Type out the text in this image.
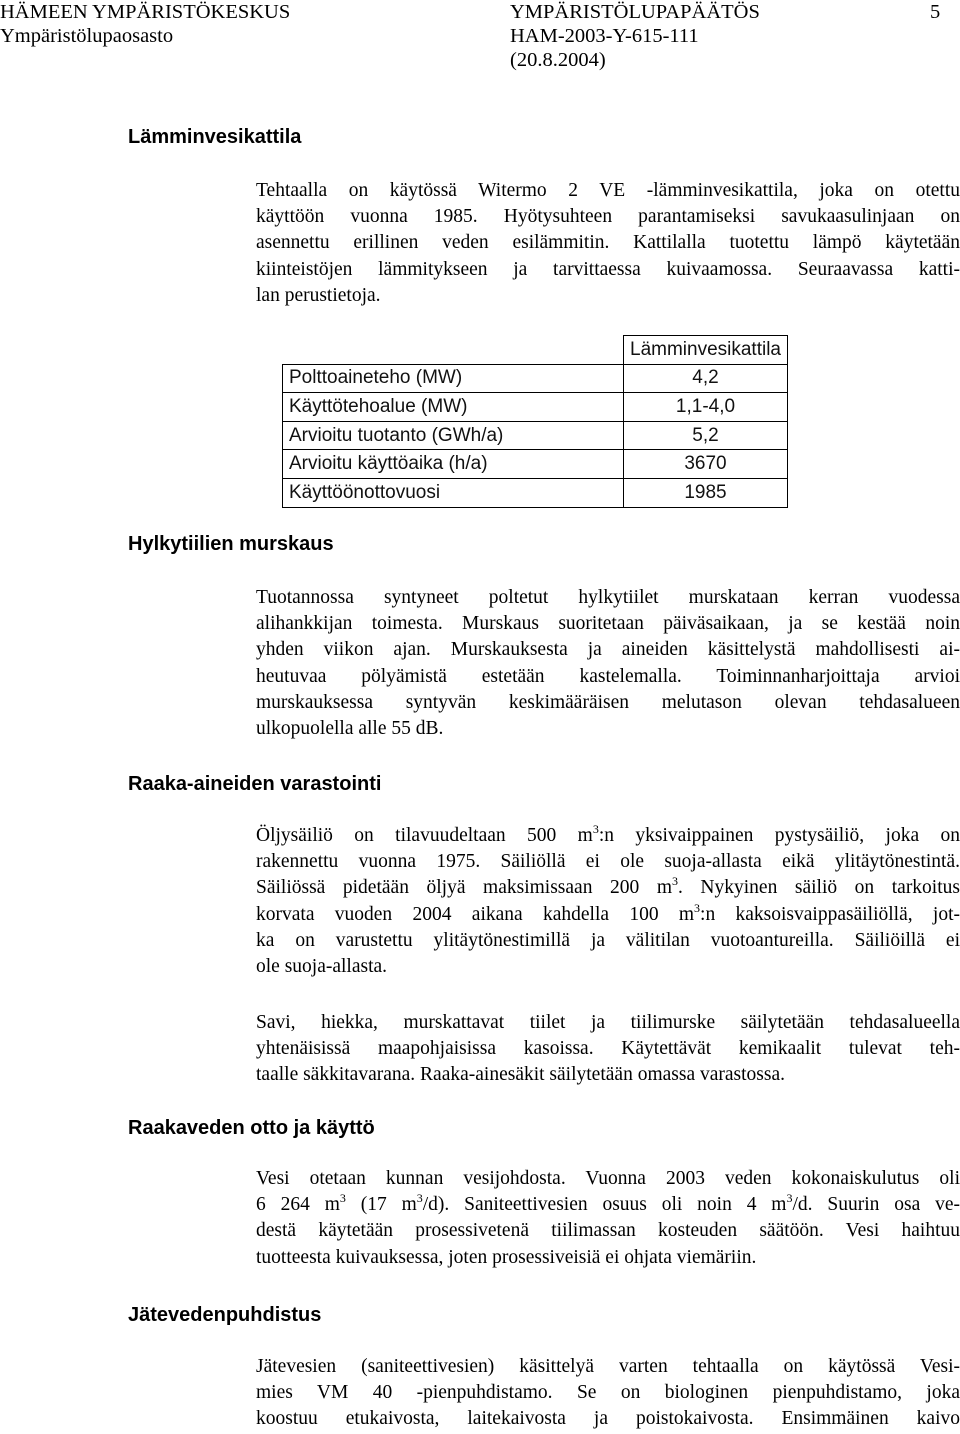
HÄMEEN YMPÄRISTÖKESKUS
Ympäristölupaosasto
YMPÄRISTÖLUPAPÄÄTÖS
HAM-2003-Y-615-111
(20.8.2004)
5
Lämminvesikattila
Tehtaalla on käytössä Witermo 2 VE -lämminvesikattila, joka on otettu
käyttöön vuonna 1985. Hyötysuhteen parantamiseksi savukaasulinjaan on
asennettu erillinen veden esilämmitin. Kattilalla tuotettu lämpö käytetään
kiinteistöjen lämmitykseen ja tarvittaessa kuivaamossa. Seuraavassa katti-
lan perustietoja.
	Lämminvesikattila
Polttoaineteho (MW)	4,2
Käyttötehoalue (MW)	1,1-4,0
Arvioitu tuotanto (GWh/a)	5,2
Arvioitu käyttöaika (h/a)	3670
Käyttöönottovuosi	1985
Hylkytiilien murskaus
Tuotannossa syntyneet poltetut hylkytiilet murskataan kerran vuodessa
alihankkijan toimesta. Murskaus suoritetaan päiväsaikaan, ja se kestää noin
yhden viikon ajan. Murskauksesta ja aineiden käsittelystä mahdollisesti ai-
heutuvaa pölyämistä estetään kastelemalla. Toiminnanharjoittaja arvioi
murskauksessa syntyvän keskimääräisen melutason olevan tehdasalueen
ulkopuolella alle 55 dB.
Raaka-aineiden varastointi
Öljysäiliö on tilavuudeltaan 500 $m^3:n$ yksivaippainen pystysäiliö, joka on
rakennettu vuonna 1975. Säiliöllä ei ole suoja-allasta eikä ylitäytönestintä.
Säiliössä pidetään öljyä maksimissaan 200 $m^3$. Nykyinen säiliö on tarkoitus
korvata vuoden 2004 aikana kahdella 100 $m^3:n$ kaksoisvaippasäiliöllä, jot-
ka on varustettu ylitäytönestimillä ja välitilan vuotoantureilla. Säiliöillä ei
ole suoja-allasta.
Savi, hiekka, murskattavat tiilet ja tiilimurske säilytetään tehdasalueella
yhtenäisissä maapohjaisissa kasoissa. Käytettävät kemikaalit tulevat teh-
taalle säkkitavarana. Raaka-ainesäkit säilytetään omassa varastossa.
Raakaveden otto ja käyttö
Vesi otetaan kunnan vesijohdosta. Vuonna 2003 veden kokonaiskulutus oli
6 264 $m^3$ (17 $m^3/d$). Saniteettivesien osuus oli noin 4 $m^3/d$. Suurin osa ve-
destä käytetään prosessivetenä tiilimassan kosteuden säätöön. Vesi haihtuu
tuotteesta kuivauksessa, joten prosessiveisiä ei ohjata viemäriin.
Jätevedenpuhdistus
Jätevesien (saniteettivesien) käsittelyä varten tehtaalla on käytössä Vesi-
mies VM 40 -pienpuhdistamo. Se on biologinen pienpuhdistamo, joka
koostuu etukaivosta, laitekaivosta ja poistokaivosta. Ensimmäinen kaivo
